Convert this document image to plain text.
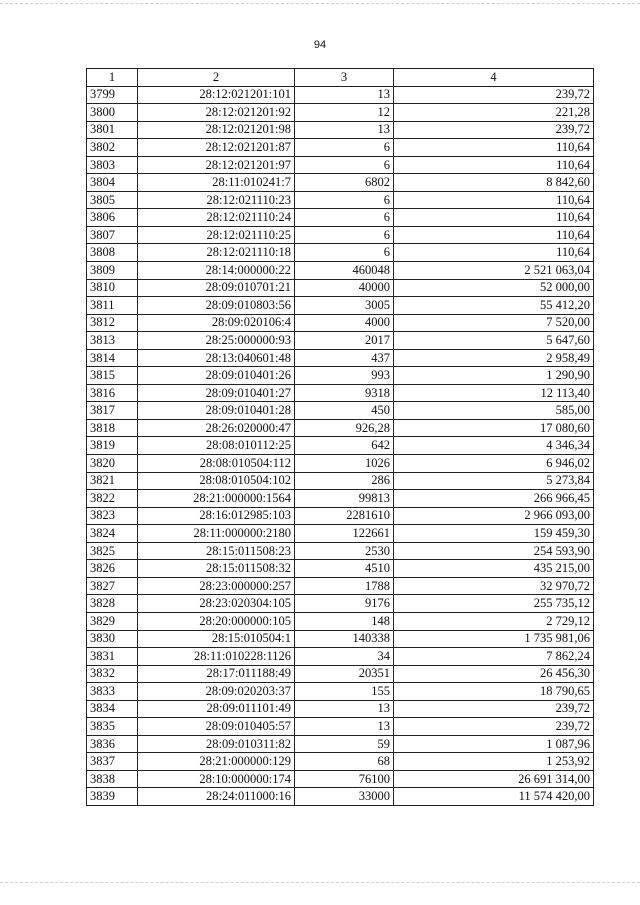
94
1	2	3	4
3799	28:12:021201:101	13	239,72
3800	28:12:021201:92	12	221,28
3801	28:12:021201:98	13	239,72
3802	28:12:021201:87	6	110,64
3803	28:12:021201:97	6	110,64
3804	28:11:010241:7	6802	8 842,60
3805	28:12:021110:23	6	110,64
3806	28:12:021110:24	6	110,64
3807	28:12:021110:25	6	110,64
3808	28:12:021110:18	6	110,64
3809	28:14:000000:22	460048	2 521 063,04
3810	28:09:010701:21	40000	52 000,00
3811	28:09:010803:56	3005	55 412,20
3812	28:09:020106:4	4000	7 520,00
3813	28:25:000000:93	2017	5 647,60
3814	28:13:040601:48	437	2 958,49
3815	28:09:010401:26	993	1 290,90
3816	28:09:010401:27	9318	12 113,40
3817	28:09:010401:28	450	585,00
3818	28:26:020000:47	926,28	17 080,60
3819	28:08:010112:25	642	4 346,34
3820	28:08:010504:112	1026	6 946,02
3821	28:08:010504:102	286	5 273,84
3822	28:21:000000:1564	99813	266 966,45
3823	28:16:012985:103	2281610	2 966 093,00
3824	28:11:000000:2180	122661	159 459,30
3825	28:15:011508:23	2530	254 593,90
3826	28:15:011508:32	4510	435 215,00
3827	28:23:000000:257	1788	32 970,72
3828	28:23:020304:105	9176	255 735,12
3829	28:20:000000:105	148	2 729,12
3830	28:15:010504:1	140338	1 735 981,06
3831	28:11:010228:1126	34	7 862,24
3832	28:17:011188:49	20351	26 456,30
3833	28:09:020203:37	155	18 790,65
3834	28:09:011101:49	13	239,72
3835	28:09:010405:57	13	239,72
3836	28:09:010311:82	59	1 087,96
3837	28:21:000000:129	68	1 253,92
3838	28:10:000000:174	76100	26 691 314,00
3839	28:24:011000:16	33000	11 574 420,00
